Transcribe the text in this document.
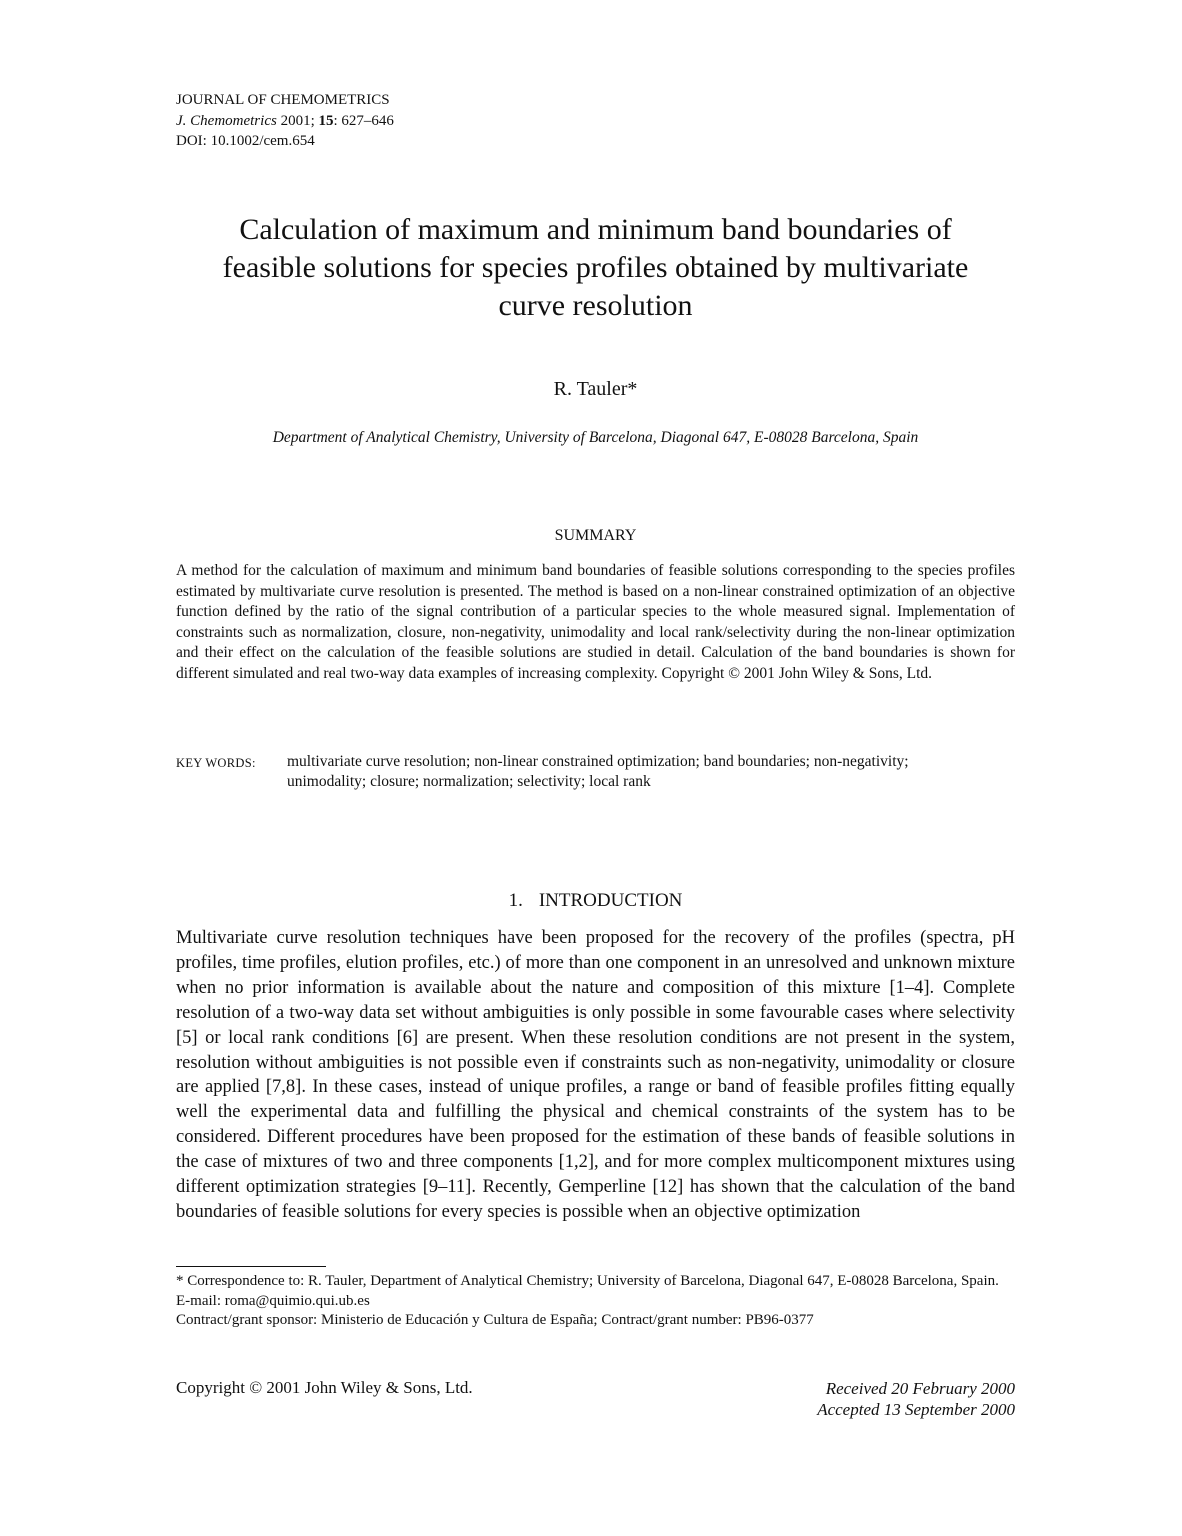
JOURNAL OF CHEMOMETRICS
J. Chemometrics 2001; 15: 627–646
DOI: 10.1002/cem.654
Calculation of maximum and minimum band boundaries of
feasible solutions for species profiles obtained by multivariate
curve resolution
R. Tauler*
Department of Analytical Chemistry, University of Barcelona, Diagonal 647, E-08028 Barcelona, Spain
SUMMARY

A method for the calculation of maximum and minimum band boundaries of feasible solutions corresponding to the species profiles estimated by multivariate curve resolution is presented. The method is based on a non-linear constrained optimization of an objective function defined by the ratio of the signal contribution of a particular species to the whole measured signal. Implementation of constraints such as normalization, closure, non-negativity, unimodality and local rank/selectivity during the non-linear optimization and their effect on the calculation of the feasible solutions are studied in detail. Calculation of the band boundaries is shown for different simulated and real two-way data examples of increasing complexity. Copyright © 2001 John Wiley & Sons, Ltd.

KEY WORDS: multivariate curve resolution; non-linear constrained optimization; band boundaries; non-negativity; unimodality; closure; normalization; selectivity; local rank
1. INTRODUCTION

Multivariate curve resolution techniques have been proposed for the recovery of the profiles (spectra, pH profiles, time profiles, elution profiles, etc.) of more than one component in an unresolved and unknown mixture when no prior information is available about the nature and composition of this mixture [1–4]. Complete resolution of a two-way data set without ambiguities is only possible in some favourable cases where selectivity [5] or local rank conditions [6] are present. When these resolution conditions are not present in the system, resolution without ambiguities is not possible even if constraints such as non-negativity, unimodality or closure are applied [7,8]. In these cases, instead of unique profiles, a range or band of feasible profiles fitting equally well the experimental data and fulfilling the physical and chemical constraints of the system has to be considered. Different procedures have been proposed for the estimation of these bands of feasible solutions in the case of mixtures of two and three components [1,2], and for more complex multicomponent mixtures using different optimization strategies [9–11]. Recently, Gemperline [12] has shown that the calculation of the band boundaries of feasible solutions for every species is possible when an objective optimization

* Correspondence to: R. Tauler, Department of Analytical Chemistry; University of Barcelona, Diagonal 647, E-08028 Barcelona, Spain.

E-mail: roma@quimio.qui.ub.es

Contract/grant sponsor: Ministerio de Educación y Cultura de España; Contract/grant number: PB96-0377

Copyright © 2001 John Wiley & Sons, Ltd.	Received 20 February 2000
Accepted 13 September 2000
